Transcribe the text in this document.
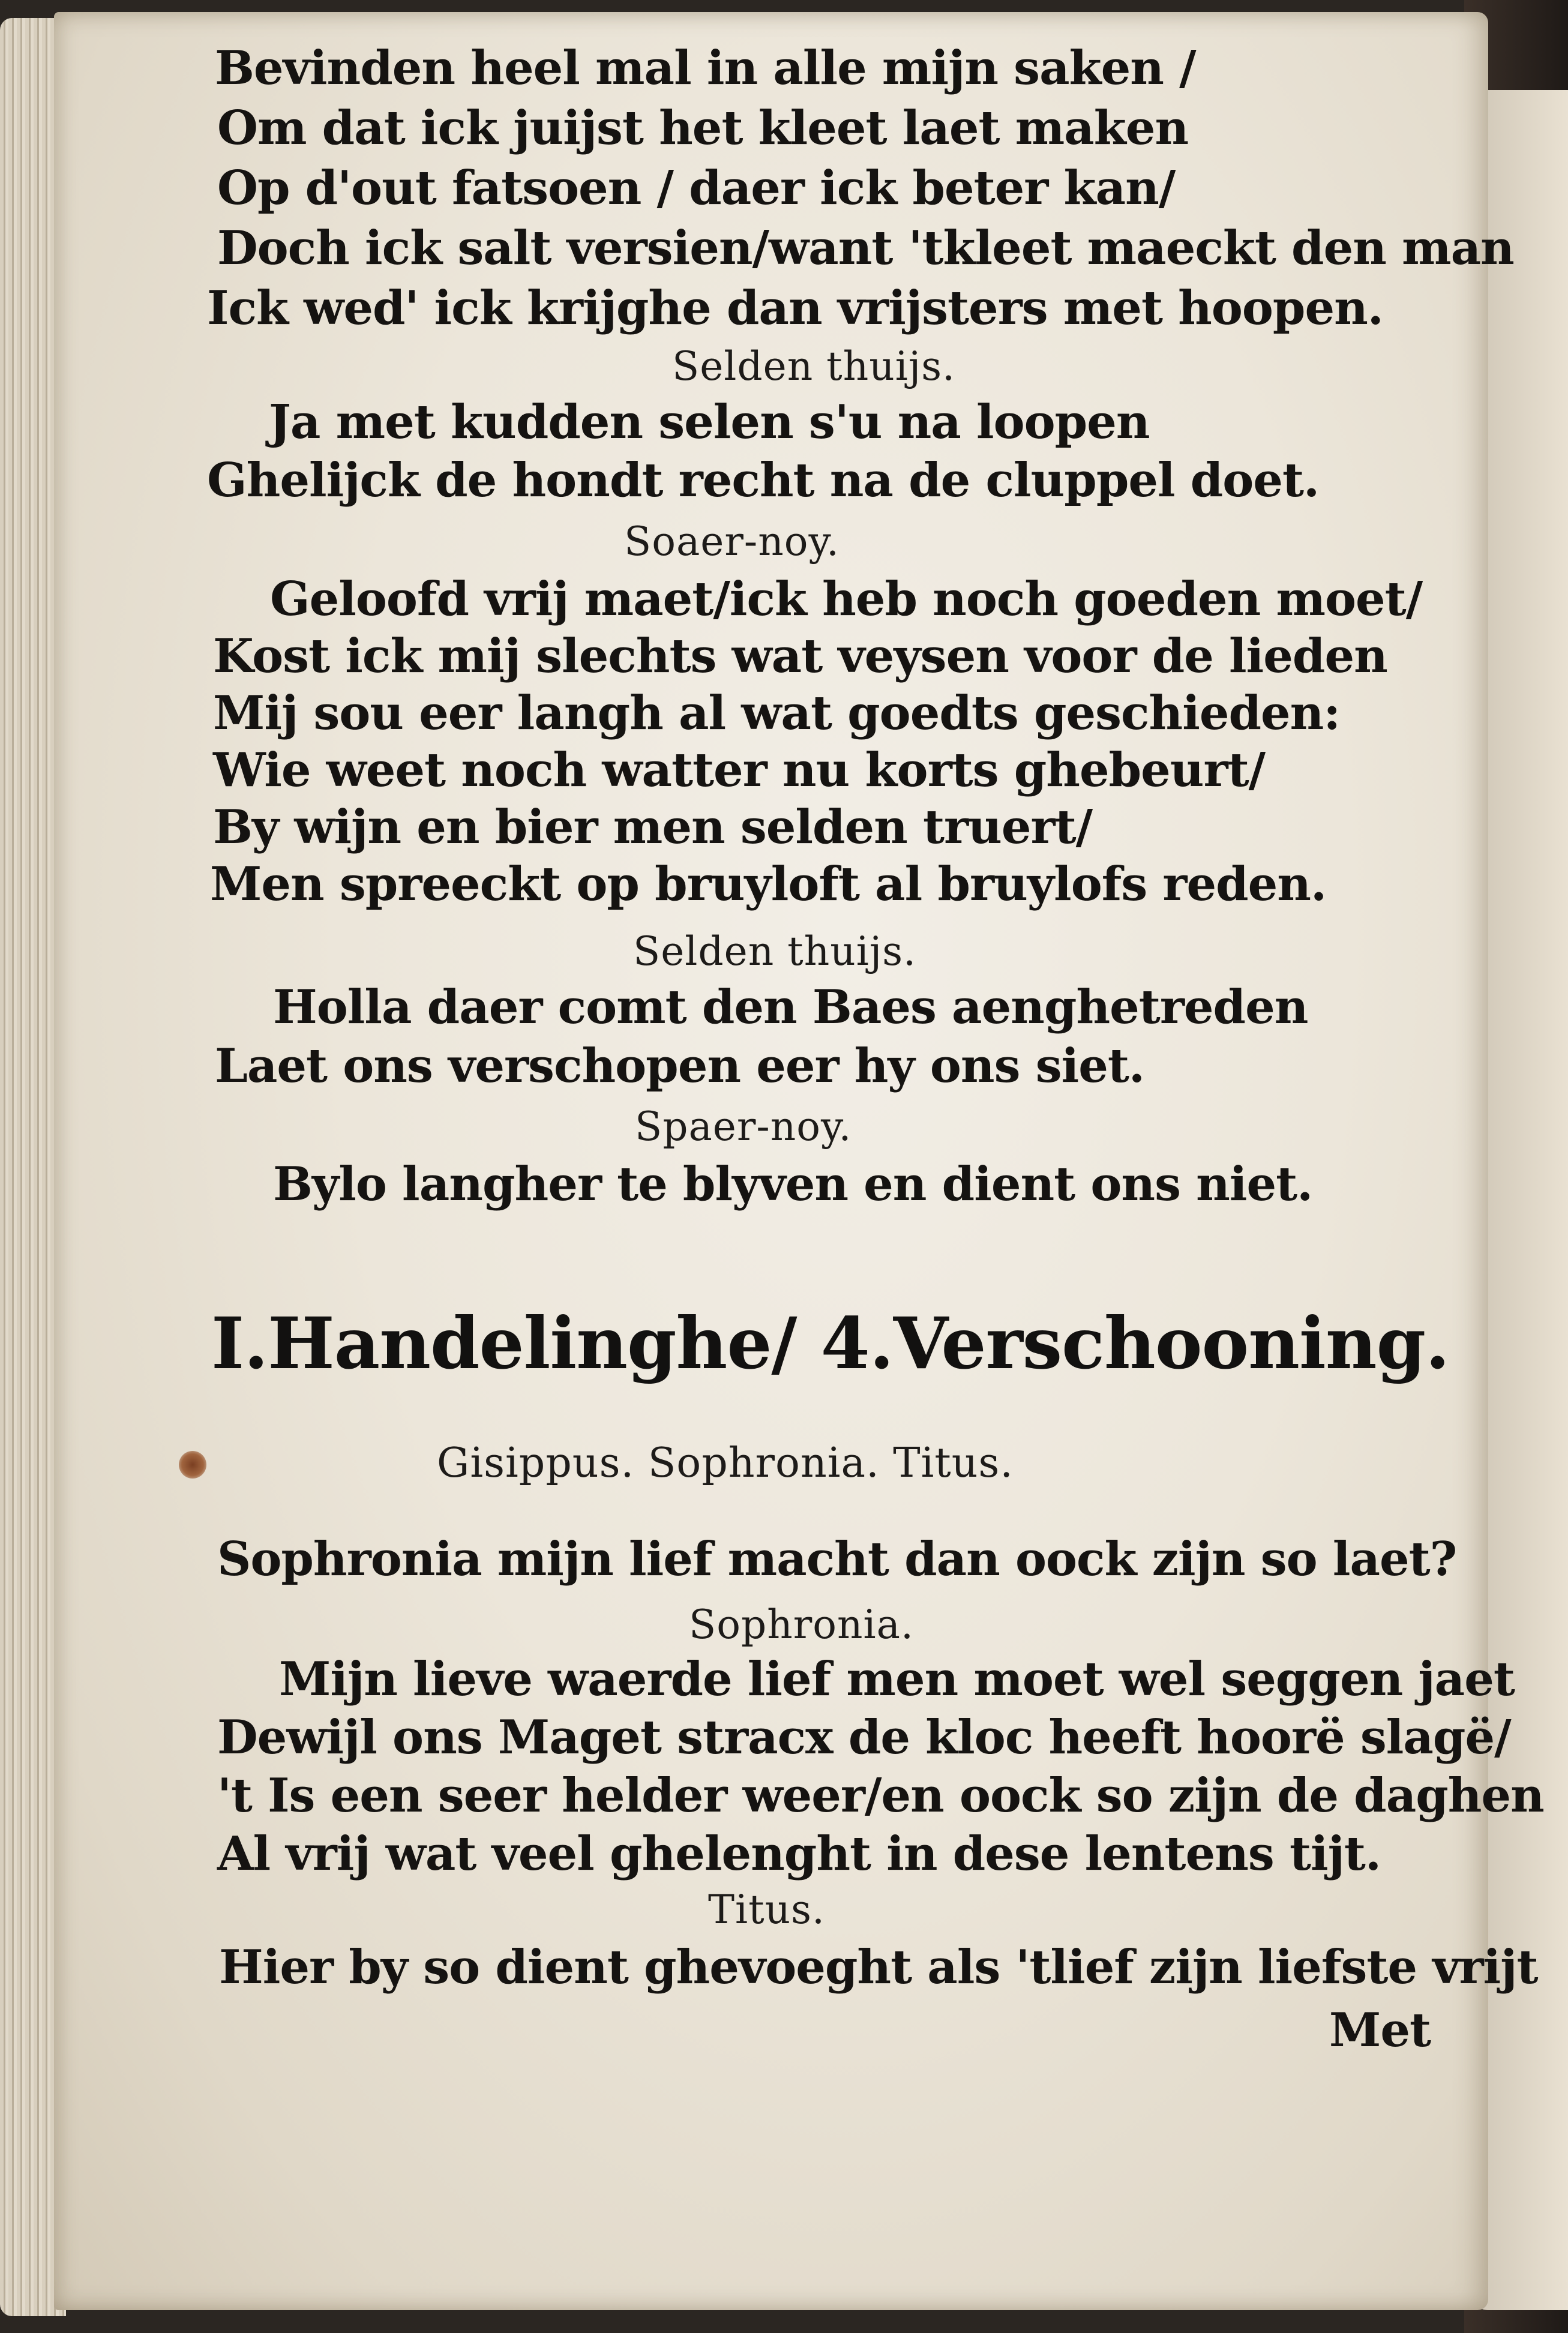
Bevinden heel mal in alle mijn saken /
Om dat ick juijst het kleet laet maken
Op d'out fatsoen / daer ick beter kan/
Doch ick salt versien/want 'tkleet maeckt den man
Ick wed' ick krijghe dan vrijsters met hoopen.
Selden thuijs.
Ja met kudden selen s'u na loopen
Ghelijck de hondt recht na de cluppel doet.
Soaer-noy.
Geloofd vrij maet/ick heb noch goeden moet/
Kost ick mij slechts wat veysen voor de lieden
Mij sou eer langh al wat goedts geschieden:
Wie weet noch watter nu korts ghebeurt/
By wijn en bier men selden truert/
Men spreeckt op bruyloft al bruylofs reden.
Selden thuijs.
Holla daer comt den Baes aenghetreden
Laet ons verschopen eer hy ons siet.
Spaer-noy.
Bylo langher te blyven en dient ons niet.
I.Handelinghe/ 4.Verschooning.
Gisippus. Sophronia. Titus.
Sophronia mijn lief macht dan oock zijn so laet?
Sophronia.
Mijn lieve waerde lief men moet wel seggen jaet
Dewijl ons Maget stracx de kloc heeft hoorë slagë/
't Is een seer helder weer/en oock so zijn de daghen
Al vrij wat veel ghelenght in dese lentens tijt.
Titus.
Hier by so dient ghevoeght als 'tlief zijn liefste vrijt
Met
